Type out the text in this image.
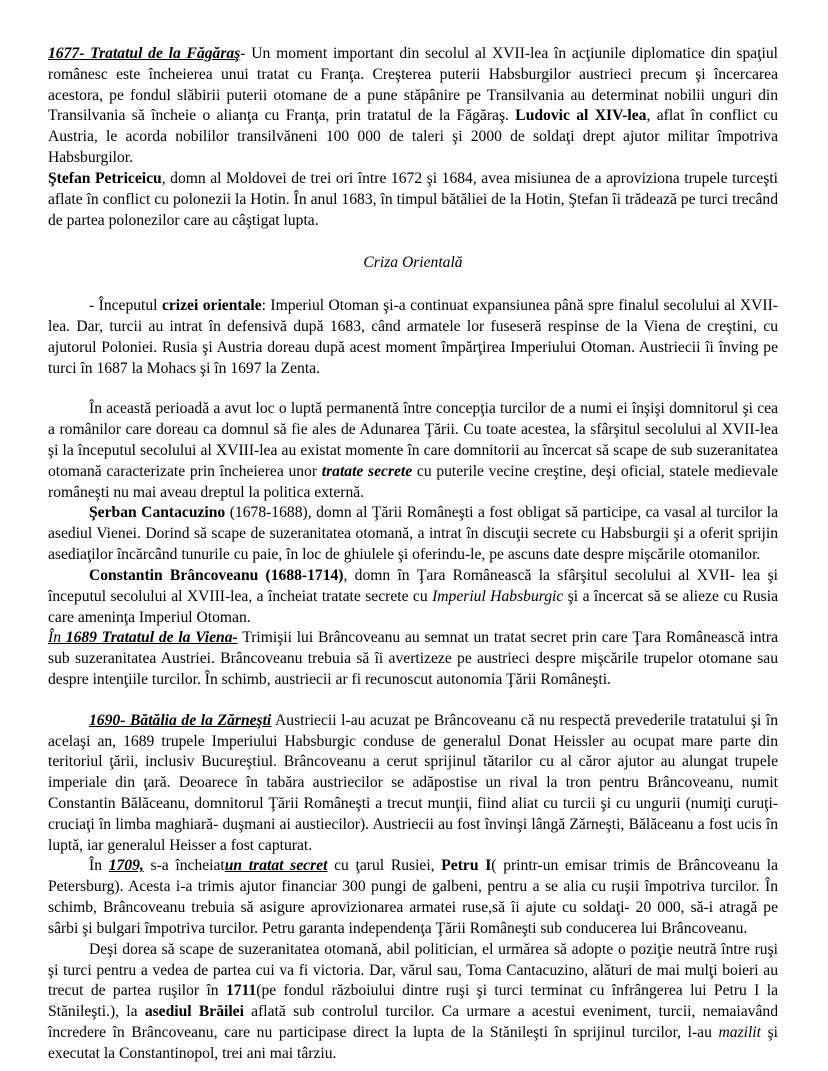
1677- Tratatul de la Făgăraş- Un moment important din secolul al XVII-lea în acţiunile diplomatice din spaţiul românesc este încheierea unui tratat cu Franţa. Creşterea puterii Habsburgilor austrieci precum şi încercarea acestora, pe fondul slăbirii puterii otomane de a pune stăpânire pe Transilvania au determinat nobilii unguri din Transilvania să încheie o alianţa cu Franţa, prin tratatul de la Făgăraş. Ludovic al XIV-lea, aflat în conflict cu Austria, le acorda nobililor transilvăneni 100 000 de taleri şi 2000 de soldaţi drept ajutor militar împotriva Habsburgilor.

Ştefan Petriceicu, domn al Moldovei de trei ori între 1672 şi 1684, avea misiunea de a aproviziona trupele turceşti aflate în conflict cu polonezii la Hotin. În anul 1683, în timpul bătăliei de la Hotin, Ştefan îi trădează pe turci trecând de partea polonezilor care au câştigat lupta.

Criza Orientală

- Începutul crizei orientale: Imperiul Otoman şi-a continuat expansiunea până spre finalul secolului al XVII-lea. Dar, turcii au intrat în defensivă după 1683, când armatele lor fuseseră respinse de la Viena de creştini, cu ajutorul Poloniei. Rusia şi Austria doreau după acest moment împărţirea Imperiului Otoman. Austriecii îi înving pe turci în 1687 la Mohacs şi în 1697 la Zenta.

În această perioadă a avut loc o luptă permanentă între concepţia turcilor de a numi ei înşişi domnitorul şi cea a românilor care doreau ca domnul să fie ales de Adunarea Ţării. Cu toate acestea, la sfârşitul secolului al XVII-lea şi la începutul secolului al XVIII-lea au existat momente în care domnitorii au încercat să scape de sub suzeranitatea otomană caracterizate prin încheierea unor tratate secrete cu puterile vecine creştine, deşi oficial, statele medievale româneşti nu mai aveau dreptul la politica externă.

Şerban Cantacuzino (1678-1688), domn al Ţării Româneşti a fost obligat să participe, ca vasal al turcilor la asediul Vienei. Dorind să scape de suzeranitatea otomană, a intrat în discuţii secrete cu Habsburgii şi a oferit sprijin asediaţilor încărcând tunurile cu paie, în loc de ghiulele şi oferindu-le, pe ascuns date despre mişcările otomanilor.

Constantin Brâncoveanu (1688-1714), domn în Ţara Românească la sfârşitul secolului al XVII- lea şi începutul secolului al XVIII-lea, a încheiat tratate secrete cu Imperiul Habsburgic şi a încercat să se alieze cu Rusia care ameninţa Imperiul Otoman.

În 1689 Tratatul de la Viena- Trimişii lui Brâncoveanu au semnat un tratat secret prin care Ţara Românească intra sub suzeranitatea Austriei. Brâncoveanu trebuia să îi avertizeze pe austrieci despre mişcările trupelor otomane sau despre intenţiile turcilor. În schimb, austriecii ar fi recunoscut autonomia Ţării Româneşti.

1690- Bătălia de la Zărneşti Austriecii l-au acuzat pe Brâncoveanu că nu respectă prevederile tratatului şi în acelaşi an, 1689 trupele Imperiului Habsburgic conduse de generalul Donat Heissler au ocupat mare parte din teritoriul ţării, inclusiv Bucureştiul. Brâncoveanu a cerut sprijinul tătarilor cu al căror ajutor au alungat trupele imperiale din ţară. Deoarece în tabăra austriecilor se adăpostise un rival la tron pentru Brâncoveanu, numit Constantin Bălăceanu, domnitorul Ţării Româneşti a trecut munţii, fiind aliat cu turcii şi cu ungurii (numiţi curuţi- cruciaţi în limba maghiară- duşmani ai austiecilor). Austriecii au fost învinşi lângă Zărneşti, Bălăceanu a fost ucis în luptă, iar generalul Heisser a fost capturat.

În 1709, s-a încheiatun tratat secret cu ţarul Rusiei, Petru I( printr-un emisar trimis de Brâncoveanu la Petersburg). Acesta i-a trimis ajutor financiar 300 pungi de galbeni, pentru a se alia cu ruşii împotriva turcilor. În schimb, Brâncoveanu trebuia să asigure aprovizionarea armatei ruse,să îi ajute cu soldaţi- 20 000, să-i atragă pe sârbi şi bulgari împotriva turcilor. Petru garanta independenţa Ţării Româneşti sub conducerea lui Brâncoveanu.

Deşi dorea să scape de suzeranitatea otomană, abil politician, el urmărea să adopte o poziţie neutră între ruşi şi turci pentru a vedea de partea cui va fi victoria. Dar, vărul sau, Toma Cantacuzino, alături de mai mulţi boieri au trecut de partea ruşilor în 1711(pe fondul războiului dintre ruşi şi turci terminat cu înfrângerea lui Petru I la Stănileşti.), la asediul Brăilei aflată sub controlul turcilor. Ca urmare a acestui eveniment, turcii, nemaiavând încredere în Brâncoveanu, care nu participase direct la lupta de la Stănileşti în sprijinul turcilor, l-au mazilit şi executat la Constantinopol, trei ani mai târziu.
